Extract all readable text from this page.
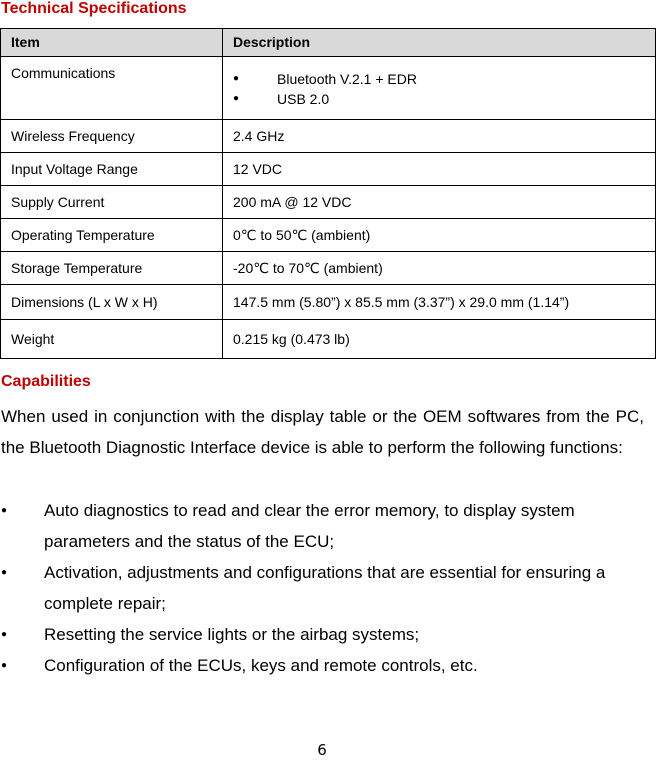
Technical Specifications
Item	Description
Communications	● Bluetooth V.2.1 + EDR
● USB 2.0

Wireless Frequency	2.4 GHz
Input Voltage Range	12 VDC
Supply Current	200 mA @ 12 VDC
Operating Temperature	0℃ to 50℃ (ambient)
Storage Temperature	-20℃ to 70℃ (ambient)
Dimensions (L x W x H)	147.5 mm (5.80”) x 85.5 mm (3.37”) x 29.0 mm (1.14”)
Weight	0.215 kg (0.473 lb)
Capabilities

When used in conjunction with the display table or the OEM softwares from the PC, the Bluetooth Diagnostic Interface device is able to perform the following functions:

● Auto diagnostics to read and clear the error memory, to display system parameters and the status of the ECU;
● Activation, adjustments and configurations that are essential for ensuring a complete repair;
● Resetting the service lights or the airbag systems;
● Configuration of the ECUs, keys and remote controls, etc.
6
